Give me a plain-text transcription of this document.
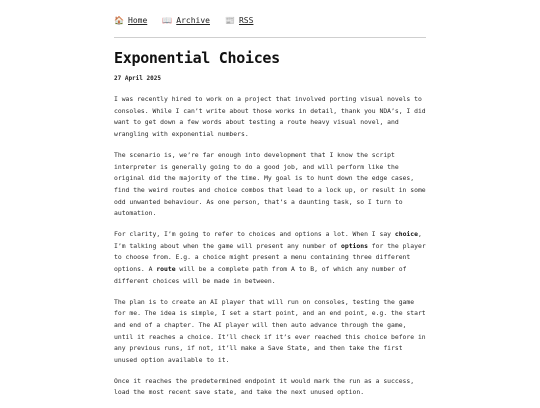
🏠 Home 📖 Archive 📰 RSS
Exponential Choices
27 April 2025

I was recently hired to work on a project that involved porting visual novels to consoles. While I can’t write about those works in detail, thank you NDA’s, I did want to get down a few words about testing a route heavy visual novel, and wrangling with exponential numbers.

The scenario is, we’re far enough into development that I know the script interpreter is generally going to do a good job, and will perform like the original did the majority of the time. My goal is to hunt down the edge cases, find the weird routes and choice combos that lead to a lock up, or result in some odd unwanted behaviour. As one person, that’s a daunting task, so I turn to automation.

For clarity, I’m going to refer to choices and options a lot. When I say choice, I’m talking about when the game will present any number of options for the player to choose from. E.g. a choice might present a menu containing three different options. A route will be a complete path from A to B, of which any number of different choices will be made in between.

The plan is to create an AI player that will run on consoles, testing the game for me. The idea is simple, I set a start point, and an end point, e.g. the start and end of a chapter. The AI player will then auto advance through the game, until it reaches a choice. It’ll check if it’s ever reached this choice before in any previous runs, if not, it’ll make a Save State, and then take the first unused option available to it.

Once it reaches the predetermined endpoint it would mark the run as a success, load the most recent save state, and take the next unused option.
